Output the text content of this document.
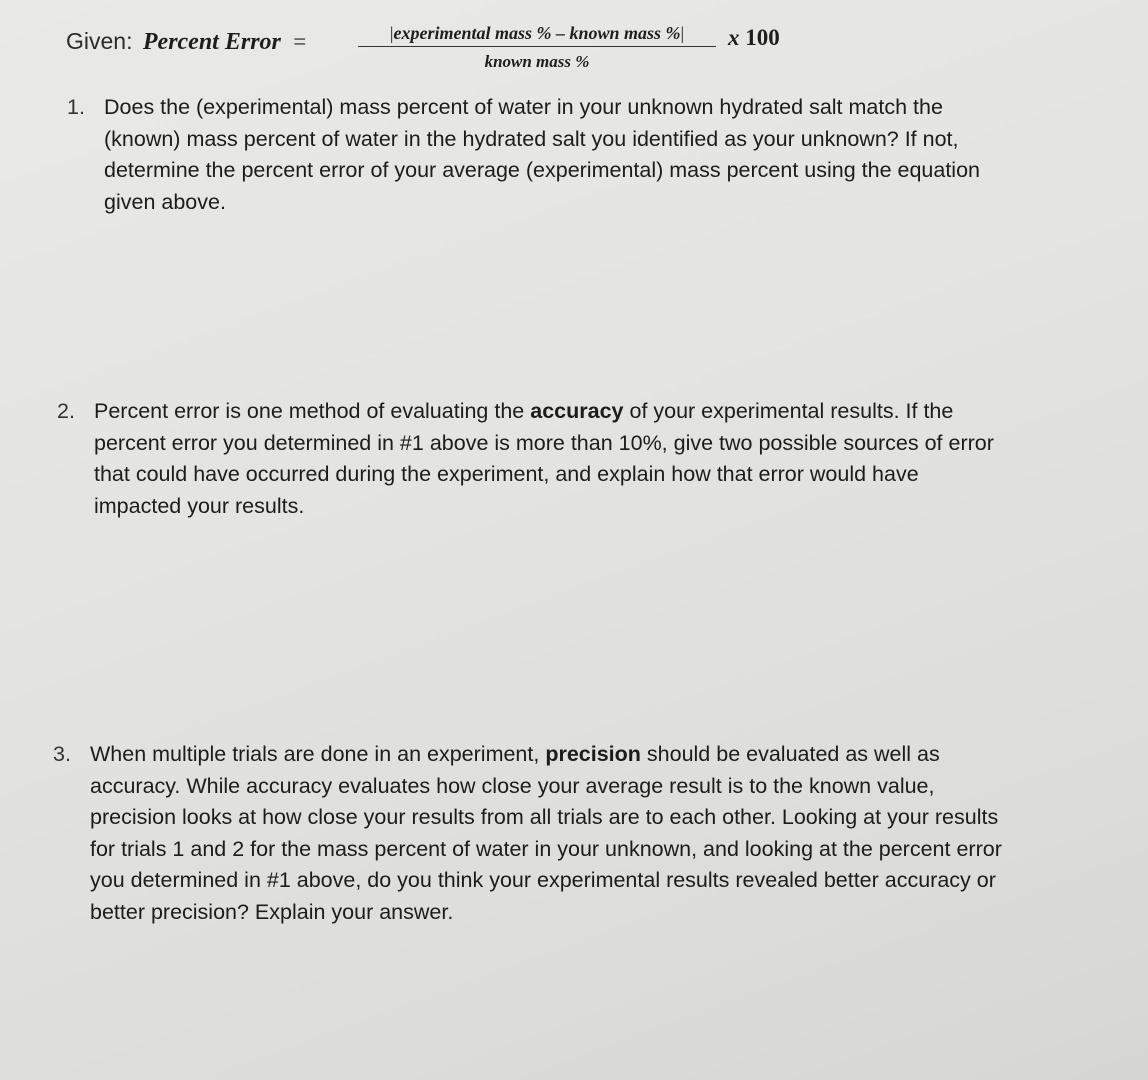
Given: Percent Error =	|experimental mass % – known mass %|
known mass %
x 100
1. Does the (experimental) mass percent of water in your unknown hydrated salt match the (known) mass percent of water in the hydrated salt you identified as your unknown? If not, determine the percent error of your average (experimental) mass percent using the equation given above.
2. Percent error is one method of evaluating the accuracy of your experimental results. If the percent error you determined in #1 above is more than 10%, give two possible sources of error that could have occurred during the experiment, and explain how that error would have impacted your results.
3. When multiple trials are done in an experiment, precision should be evaluated as well as accuracy. While accuracy evaluates how close your average result is to the known value, precision looks at how close your results from all trials are to each other. Looking at your results for trials 1 and 2 for the mass percent of water in your unknown, and looking at the percent error you determined in #1 above, do you think your experimental results revealed better accuracy or better precision? Explain your answer.
